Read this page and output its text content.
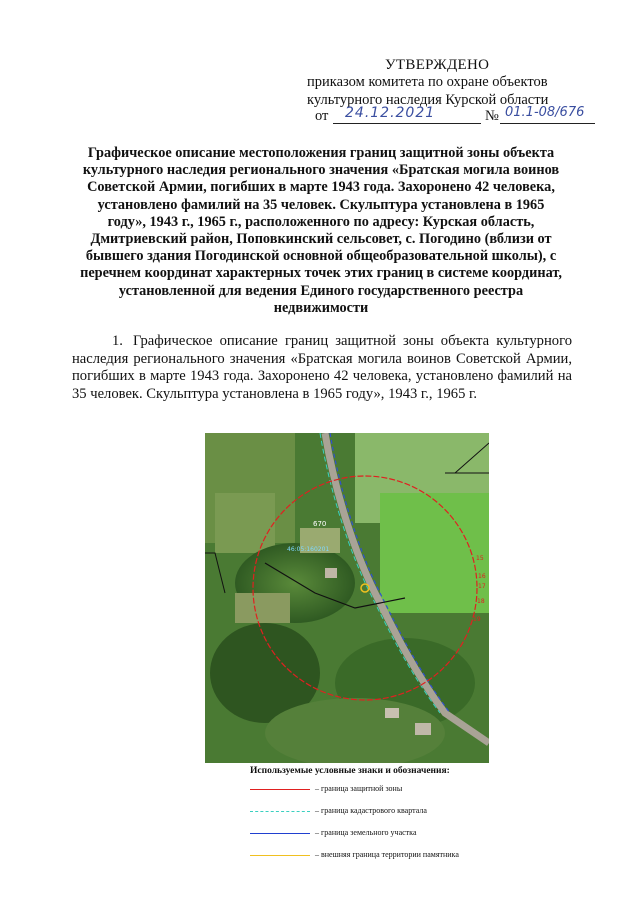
УТВЕРЖДЕНО
приказом комитета по охране объектов
культурного наследия Курской области
от 24.12.2021	№ 01.1-08/676
Графическое описание местоположения границ защитной зоны объекта культурного наследия регионального значения «Братская могила воинов Советской Армии, погибших в марте 1943 года. Захоронено 42 человека, установлено фамилий на 35 человек. Скульптура установлена в 1965 году», 1943 г., 1965 г., расположенного по адресу: Курская область, Дмитриевский район, Поповкинский сельсовет, с. Погодино (вблизи от бывшего здания Погодинской основной общеобразовательной школы), с перечнем координат характерных точек этих границ в системе координат, установленной для ведения Единого государственного реестра недвижимости
1. Графическое описание границ защитной зоны объекта культурного наследия регионального значения «Братская могила воинов Советской Армии, погибших в марте 1943 года. Захоронено 42 человека, установлено фамилий на 35 человек. Скульптура установлена в 1965 году», 1943 г., 1965 г.
670
46:05:160201
15
16
17
18
19
Используемые условные знаки и обозначения:
– граница защитной зоны
– граница кадастрового квартала
– граница земельного участка
– внешняя граница территории памятника
